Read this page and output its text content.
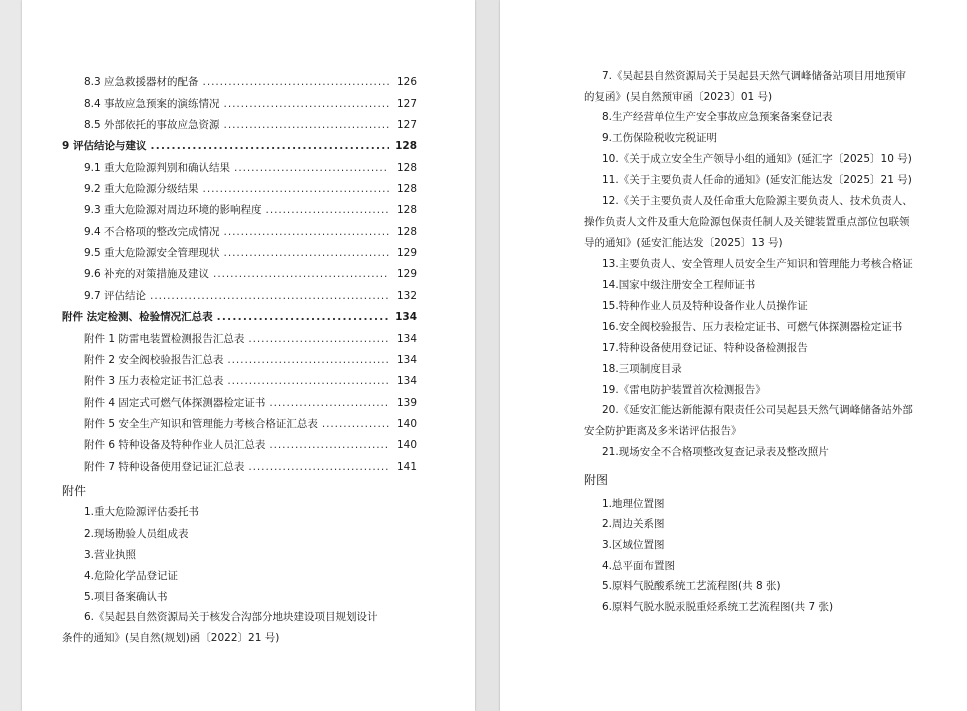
8.3 应急救援器材的配备 . . .	126
8.4 事故应急预案的演练情况 . . .	127
8.5 外部依托的事故应急资源 . . .	127
9 评估结论与建议 . . .	128
9.1 重大危险源判别和确认结果 . . .	128
9.2 重大危险源分级结果 . . .	128
9.3 重大危险源对周边环境的影响程度 . . .	128
9.4 不合格项的整改完成情况 . . .	128
9.5 重大危险源安全管理现状 . . .	129
9.6 补充的对策措施及建议 . . .	129
9.7 评估结论 . . .	132
附件 法定检测、检验情况汇总表 . . .	134
附件 1 防雷电装置检测报告汇总表 . . .	134
附件 2 安全阀校验报告汇总表 . . .	134
附件 3 压力表检定证书汇总表 . . .	134
附件 4 固定式可燃气体探测器检定证书 . . .	139
附件 5 安全生产知识和管理能力考核合格证汇总表 . . .	140
附件 6 特种设备及特种作业人员汇总表 . . .	140
附件 7 特种设备使用登记证汇总表 . . .	141
附件
1.重大危险源评估委托书
2.现场勘验人员组成表
3.营业执照
4.危险化学品登记证
5.项目备案确认书
6.《吴起县自然资源局关于核发合沟部分地块建设项目规划设计条件的通知》(吴自然(规划)函〔2022〕21 号)
7.《吴起县自然资源局关于吴起县天然气调峰储备站项目用地预审的复函》(吴自然预审函〔2023〕01 号)
8.生产经营单位生产安全事故应急预案备案登记表
9.工伤保险税收完税证明
10.《关于成立安全生产领导小组的通知》(延汇字〔2025〕10 号)
11.《关于主要负责人任命的通知》(延安汇能达发〔2025〕21 号)
12.《关于主要负责人及任命重大危险源主要负责人、技术负责人、操作负责人文件及重大危险源包保责任制人及关键装置重点部位包联领导的通知》(延安汇能达发〔2025〕13 号)
13.主要负责人、安全管理人员安全生产知识和管理能力考核合格证
14.国家中级注册安全工程师证书
15.特种作业人员及特种设备作业人员操作证
16.安全阀校验报告、压力表检定证书、可燃气体探测器检定证书
17.特种设备使用登记证、特种设备检测报告
18.三项制度目录
19.《雷电防护装置首次检测报告》
20.《延安汇能达新能源有限责任公司吴起县天然气调峰储备站外部安全防护距离及多米诺评估报告》
21.现场安全不合格项整改复查记录表及整改照片
附图
1.地理位置图
2.周边关系图
3.区域位置图
4.总平面布置图
5.原料气脱酸系统工艺流程图(共 8 张)
6.原料气脱水脱汞脱重烃系统工艺流程图(共 7 张)
